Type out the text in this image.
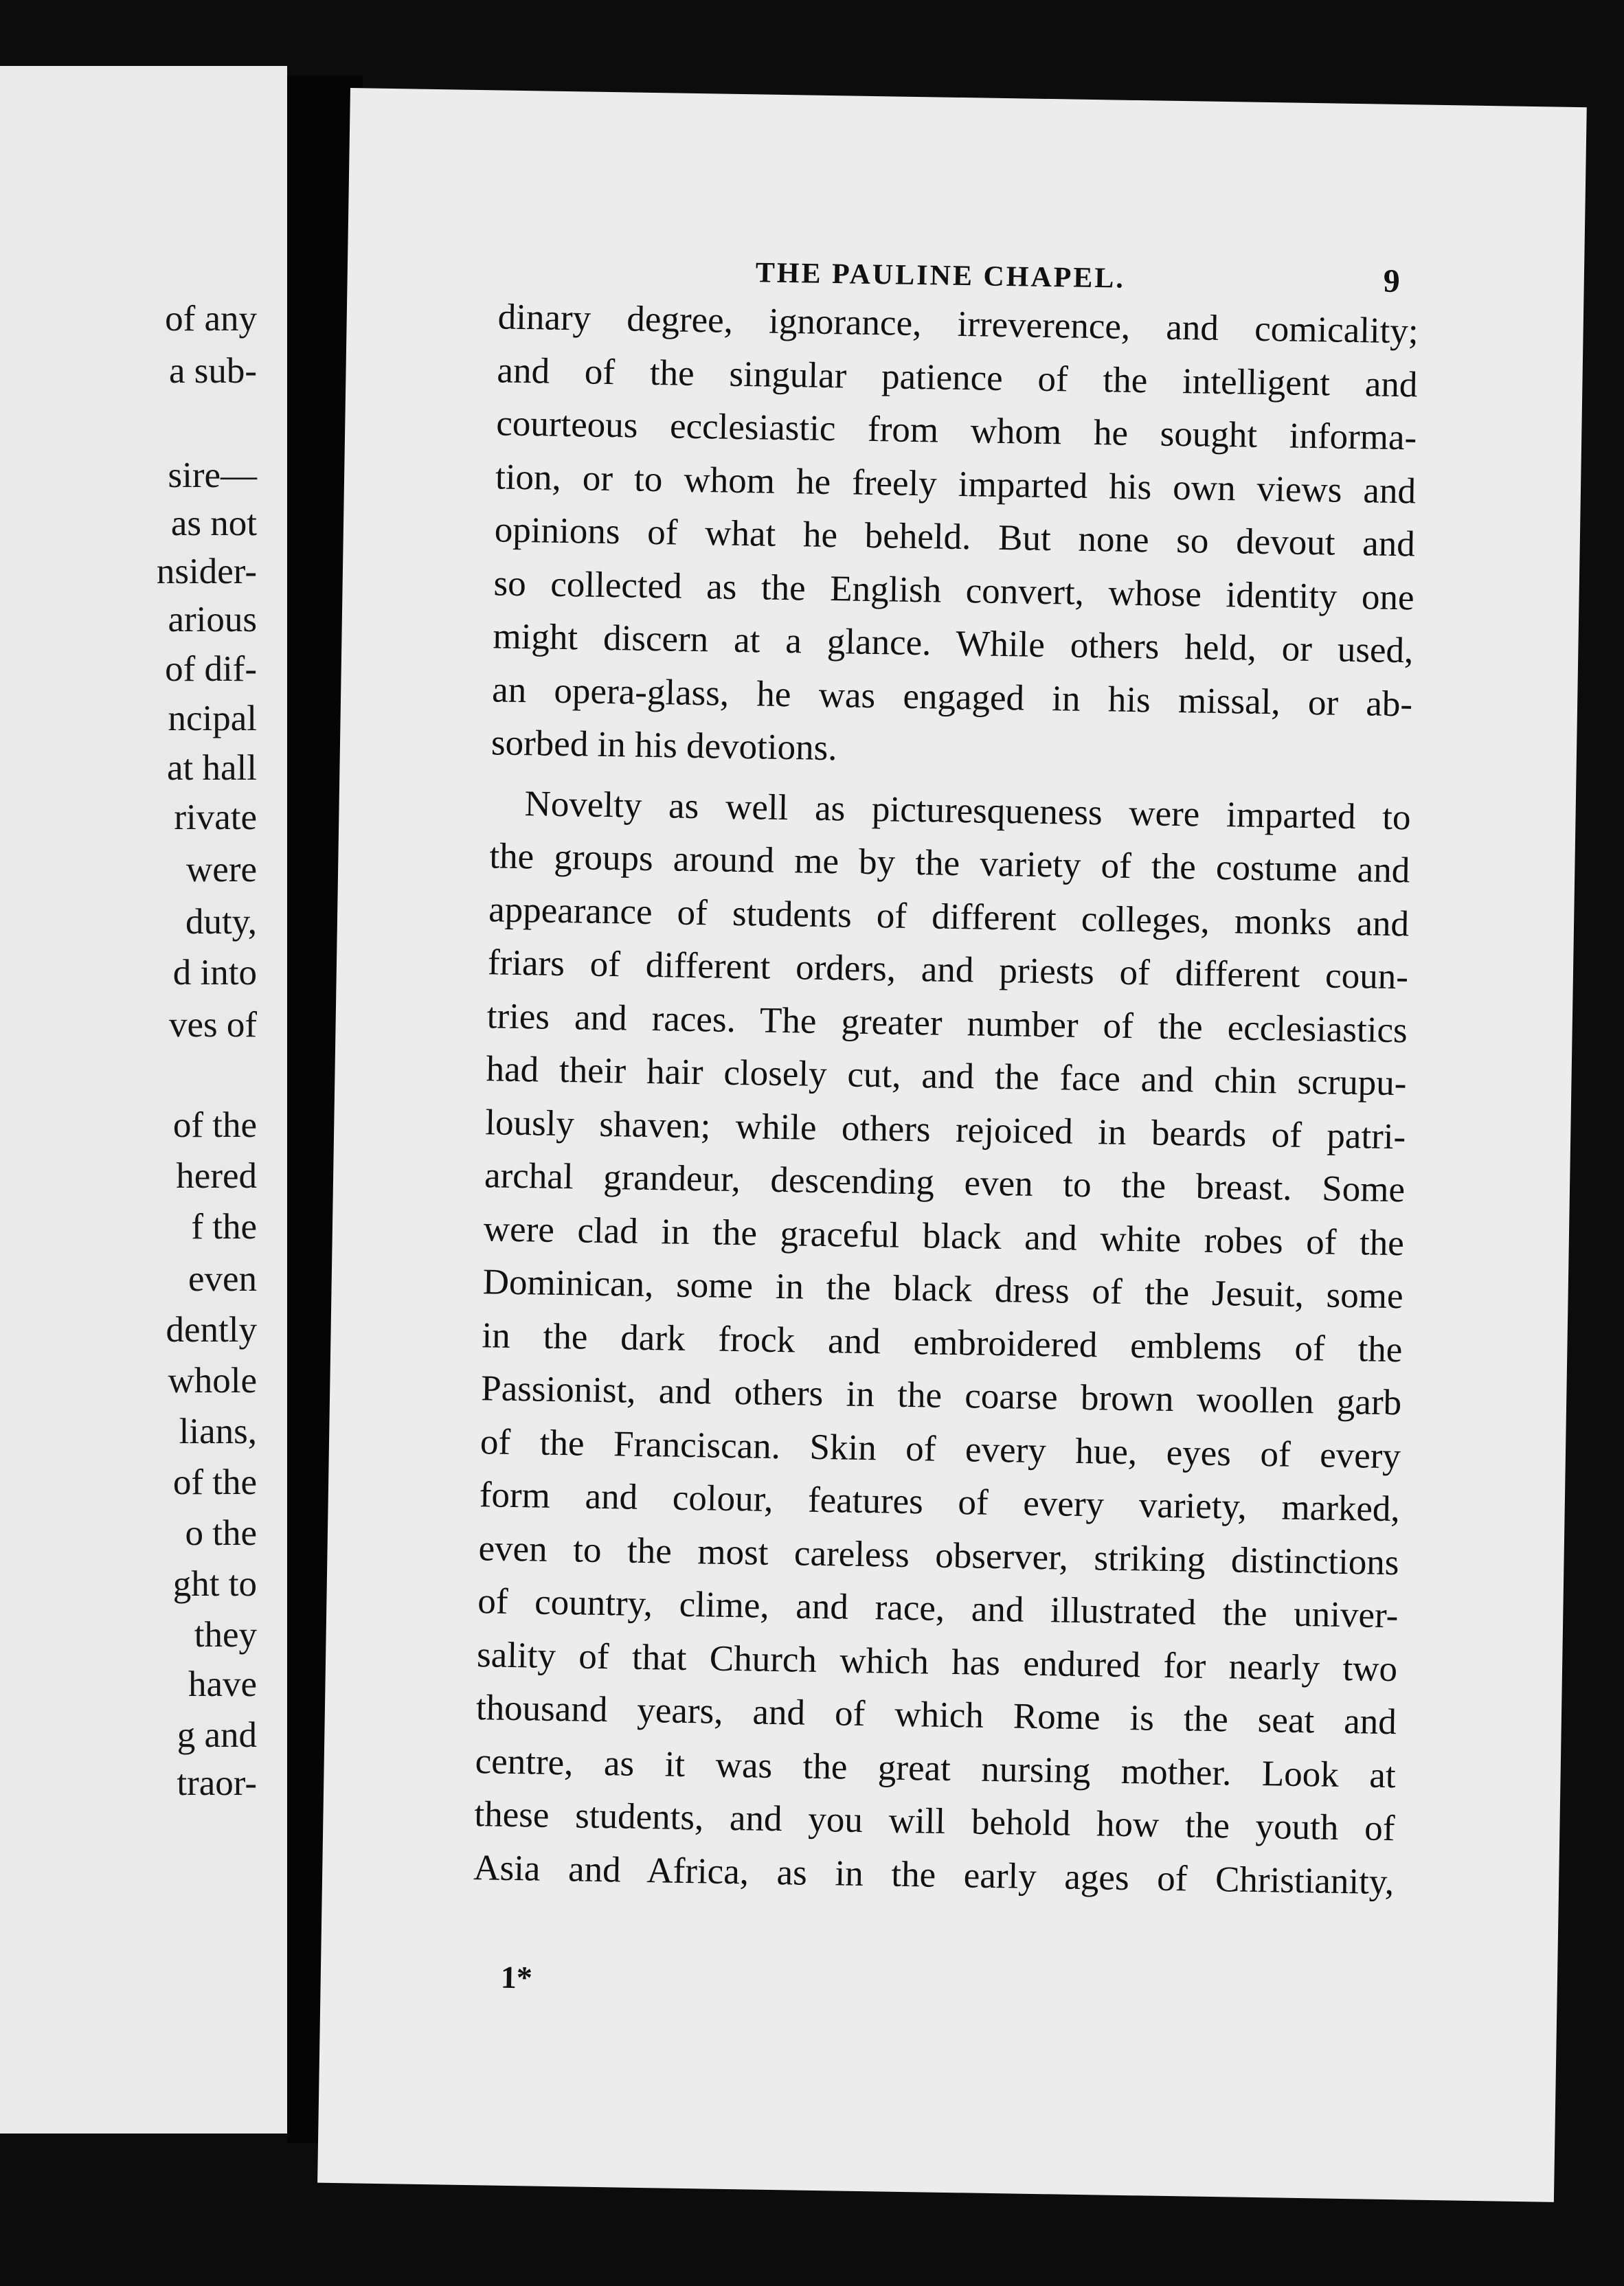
of any
a sub-
sire—
as not
nsider-
arious
of dif-
ncipal
at hall
rivate
were
duty,
d into
ves of
of the
hered
f the
even
dently
whole
lians,
of the
o the
ght to
they
have
g and
traor-
THE PAULINE CHAPEL.	9
dinary degree, ignorance, irreverence, and comicality;
and of the singular patience of the intelligent and
courteous ecclesiastic from whom he sought informa-
tion, or to whom he freely imparted his own views and
opinions of what he beheld. But none so devout and
so collected as the English convert, whose identity one
might discern at a glance. While others held, or used,
an opera-glass, he was engaged in his missal, or ab-
sorbed in his devotions.
Novelty as well as picturesqueness were imparted to
the groups around me by the variety of the costume and
appearance of students of different colleges, monks and
friars of different orders, and priests of different coun-
tries and races. The greater number of the ecclesiastics
had their hair closely cut, and the face and chin scrupu-
lously shaven; while others rejoiced in beards of patri-
archal grandeur, descending even to the breast. Some
were clad in the graceful black and white robes of the
Dominican, some in the black dress of the Jesuit, some
in the dark frock and embroidered emblems of the
Passionist, and others in the coarse brown woollen garb
of the Franciscan. Skin of every hue, eyes of every
form and colour, features of every variety, marked,
even to the most careless observer, striking distinctions
of country, clime, and race, and illustrated the univer-
sality of that Church which has endured for nearly two
thousand years, and of which Rome is the seat and
centre, as it was the great nursing mother. Look at
these students, and you will behold how the youth of
Asia and Africa, as in the early ages of Christianity,
1*
